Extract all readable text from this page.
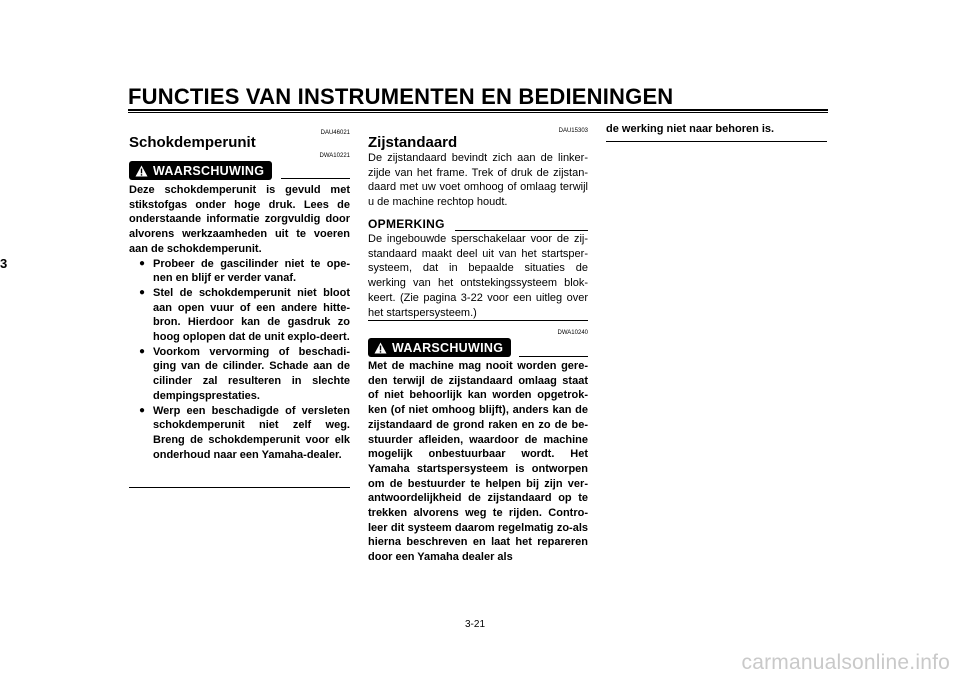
FUNCTIES VAN INSTRUMENTEN EN BEDIENINGEN
3
DAU46021
Schokdemperunit
WAARSCHUWING
DWA10221
Deze schokdemperunit is gevuld met stikstofgas onder hoge druk. Lees de onderstaande informatie zorgvuldig door alvorens werkzaamheden uit te voeren aan de schokdemperunit.
● Probeer de gascilinder niet te ope-nen en blijf er verder vanaf.
● Stel de schokdemperunit niet bloot aan open vuur of een andere hitte-bron. Hierdoor kan de gasdruk zo hoog oplopen dat de unit explo-deert.
● Voorkom vervorming of beschadi-ging van de cilinder. Schade aan de cilinder zal resulteren in slechte dempingsprestaties.
● Werp een beschadigde of versleten schokdemperunit niet zelf weg. Breng de schokdemperunit voor elk onderhoud naar een Yamaha-dealer.
DAU15303
Zijstandaard
De zijstandaard bevindt zich aan de linker-zijde van het frame. Trek of druk de zijstan-daard met uw voet omhoog of omlaag terwijl u de machine rechtop houdt.
OPMERKING
De ingebouwde sperschakelaar voor de zij-standaard maakt deel uit van het startsper-systeem, dat in bepaalde situaties de werking van het ontstekingssysteem blok-keert. (Zie pagina 3-22 voor een uitleg over het startspersysteem.)
DWA10240
WAARSCHUWING
Met de machine mag nooit worden gere-den terwijl de zijstandaard omlaag staat of niet behoorlijk kan worden opgetrok-ken (of niet omhoog blijft), anders kan de zijstandaard de grond raken en zo de be-stuurder afleiden, waardoor de machine mogelijk onbestuurbaar wordt. Het Yamaha startspersysteem is ontworpen om de bestuurder te helpen bij zijn ver-antwoordelijkheid de zijstandaard op te trekken alvorens weg te rijden. Contro-leer dit systeem daarom regelmatig zo-als hierna beschreven en laat het repareren door een Yamaha dealer als
de werking niet naar behoren is.
3-21
carmanualsonline.info
